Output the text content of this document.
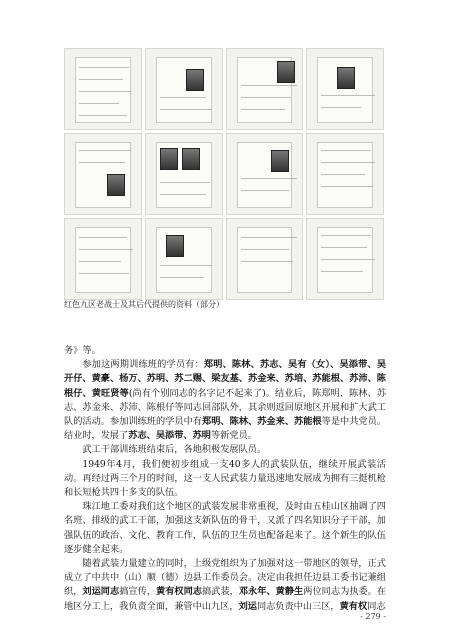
红色九区老战士及其后代提供的资料（部分）

务》等。

参加这两期训练班的学员有：郑明、陈林、苏志、吴有（女）、吴添带、吴开仔、黄豪、杨万、苏明、苏二赐、梁友基、苏金来、苏培、苏能根、苏沛、陈根仔、黄旺贤等(尚有个别同志的名字记不起来了)。结业后，陈郑明、陈林、苏志、苏金来、苏沛、陈根仔等同志回部队外，其余则返回原地区开展和扩大武工队的活动。参加训练班的学员中有郑明、陈林、苏金来、苏能根等是中共党员。结业时，发展了苏志、吴添带、苏明等新党员。

武工干部训练班结束后，各地积极发展队员。

1949年4月，我们便初步组成一支40多人的武装队伍，继续开展武装活动。再经过两三个月的时间，这一支人民武装力量迅速地发展成为拥有三挺机枪和长短枪共四十多支的队伍。

珠江地工委对我们这个地区的武装发展非常重视，及时由五桂山区抽调了四名班、排级的武工干部，加强这支新队伍的骨干，又派了四名知识分子干部，加强队伍的政治、文化、教育工作，队伍的卫生员也配备起来了。这个新生的队伍逐步健全起来。

随着武装力量建立的同时，上级党组织为了加强对这一带地区的领导，正式成立了中共中（山）顺（德）边县工作委员会。决定由我担任边县工委书记兼组织，刘运同志搞宣传，黄有权同志搞武装，邓永年、黄静生两位同志为执委。在地区分工上，我负责全面，兼管中山九区，刘运同志负责中山三区，黄有权同志

- 279 -
